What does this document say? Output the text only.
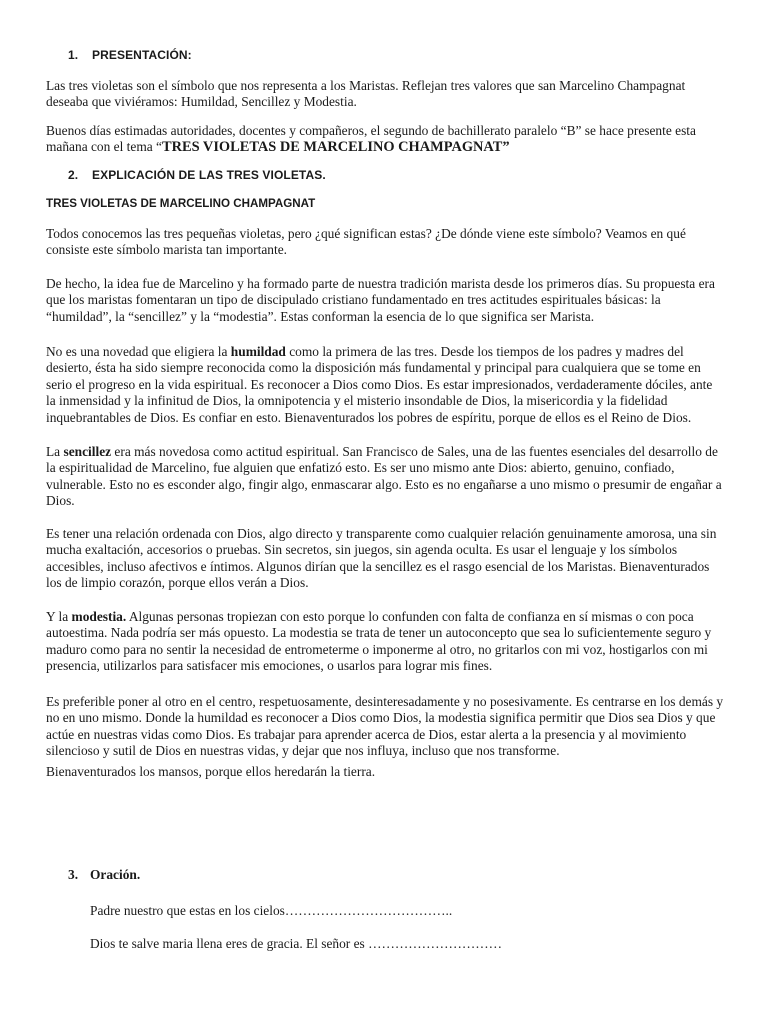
1. PRESENTACIÓN:

Las tres violetas son el símbolo que nos representa a los Maristas. Reflejan tres valores que san Marcelino Champagnat deseaba que viviéramos: Humildad, Sencillez y Modestia.

Buenos días estimadas autoridades, docentes y compañeros, el segundo de bachillerato paralelo “B” se hace presente esta mañana con el tema “TRES VIOLETAS DE MARCELINO CHAMPAGNAT”

2. EXPLICACIÓN DE LAS TRES VIOLETAS.
TRES VIOLETAS DE MARCELINO CHAMPAGNAT

Todos conocemos las tres pequeñas violetas, pero ¿qué significan estas? ¿De dónde viene este símbolo? Veamos en qué consiste este símbolo marista tan importante.

De hecho, la idea fue de Marcelino y ha formado parte de nuestra tradición marista desde los primeros días. Su propuesta era que los maristas fomentaran un tipo de discipulado cristiano fundamentado en tres actitudes espirituales básicas: la “humildad”, la “sencillez” y la “modestia”. Estas conforman la esencia de lo que significa ser Marista.

No es una novedad que eligiera la humildad como la primera de las tres. Desde los tiempos de los padres y madres del desierto, ésta ha sido siempre reconocida como la disposición más fundamental y principal para cualquiera que se tome en serio el progreso en la vida espiritual. Es reconocer a Dios como Dios. Es estar impresionados, verdaderamente dóciles, ante la inmensidad y la infinitud de Dios, la omnipotencia y el misterio insondable de Dios, la misericordia y la fidelidad inquebrantables de Dios. Es confiar en esto. Bienaventurados los pobres de espíritu, porque de ellos es el Reino de Dios.

La sencillez era más novedosa como actitud espiritual. San Francisco de Sales, una de las fuentes esenciales del desarrollo de la espiritualidad de Marcelino, fue alguien que enfatizó esto. Es ser uno mismo ante Dios: abierto, genuino, confiado, vulnerable. Esto no es esconder algo, fingir algo, enmascarar algo. Esto es no engañarse a uno mismo o presumir de engañar a Dios.

Es tener una relación ordenada con Dios, algo directo y transparente como cualquier relación genuinamente amorosa, una sin mucha exaltación, accesorios o pruebas. Sin secretos, sin juegos, sin agenda oculta. Es usar el lenguaje y los símbolos accesibles, incluso afectivos e íntimos. Algunos dirían que la sencillez es el rasgo esencial de los Maristas. Bienaventurados los de limpio corazón, porque ellos verán a Dios.

Y la modestia. Algunas personas tropiezan con esto porque lo confunden con falta de confianza en sí mismas o con poca autoestima. Nada podría ser más opuesto. La modestia se trata de tener un autoconcepto que sea lo suficientemente seguro y maduro como para no sentir la necesidad de entrometerme o imponerme al otro, no gritarlos con mi voz, hostigarlos con mi presencia, utilizarlos para satisfacer mis emociones, o usarlos para lograr mis fines.

Es preferible poner al otro en el centro, respetuosamente, desinteresadamente y no posesivamente. Es centrarse en los demás y no en uno mismo. Donde la humildad es reconocer a Dios como Dios, la modestia significa permitir que Dios sea Dios y que actúe en nuestras vidas como Dios. Es trabajar para aprender acerca de Dios, estar alerta a la presencia y al movimiento silencioso y sutil de Dios en nuestras vidas, y dejar que nos influya, incluso que nos transforme.

Bienaventurados los mansos, porque ellos heredarán la tierra.

3. Oración.
Padre nuestro que estas en los cielos………………………………..
Dios te salve maria llena eres de gracia. El señor es …………………………
